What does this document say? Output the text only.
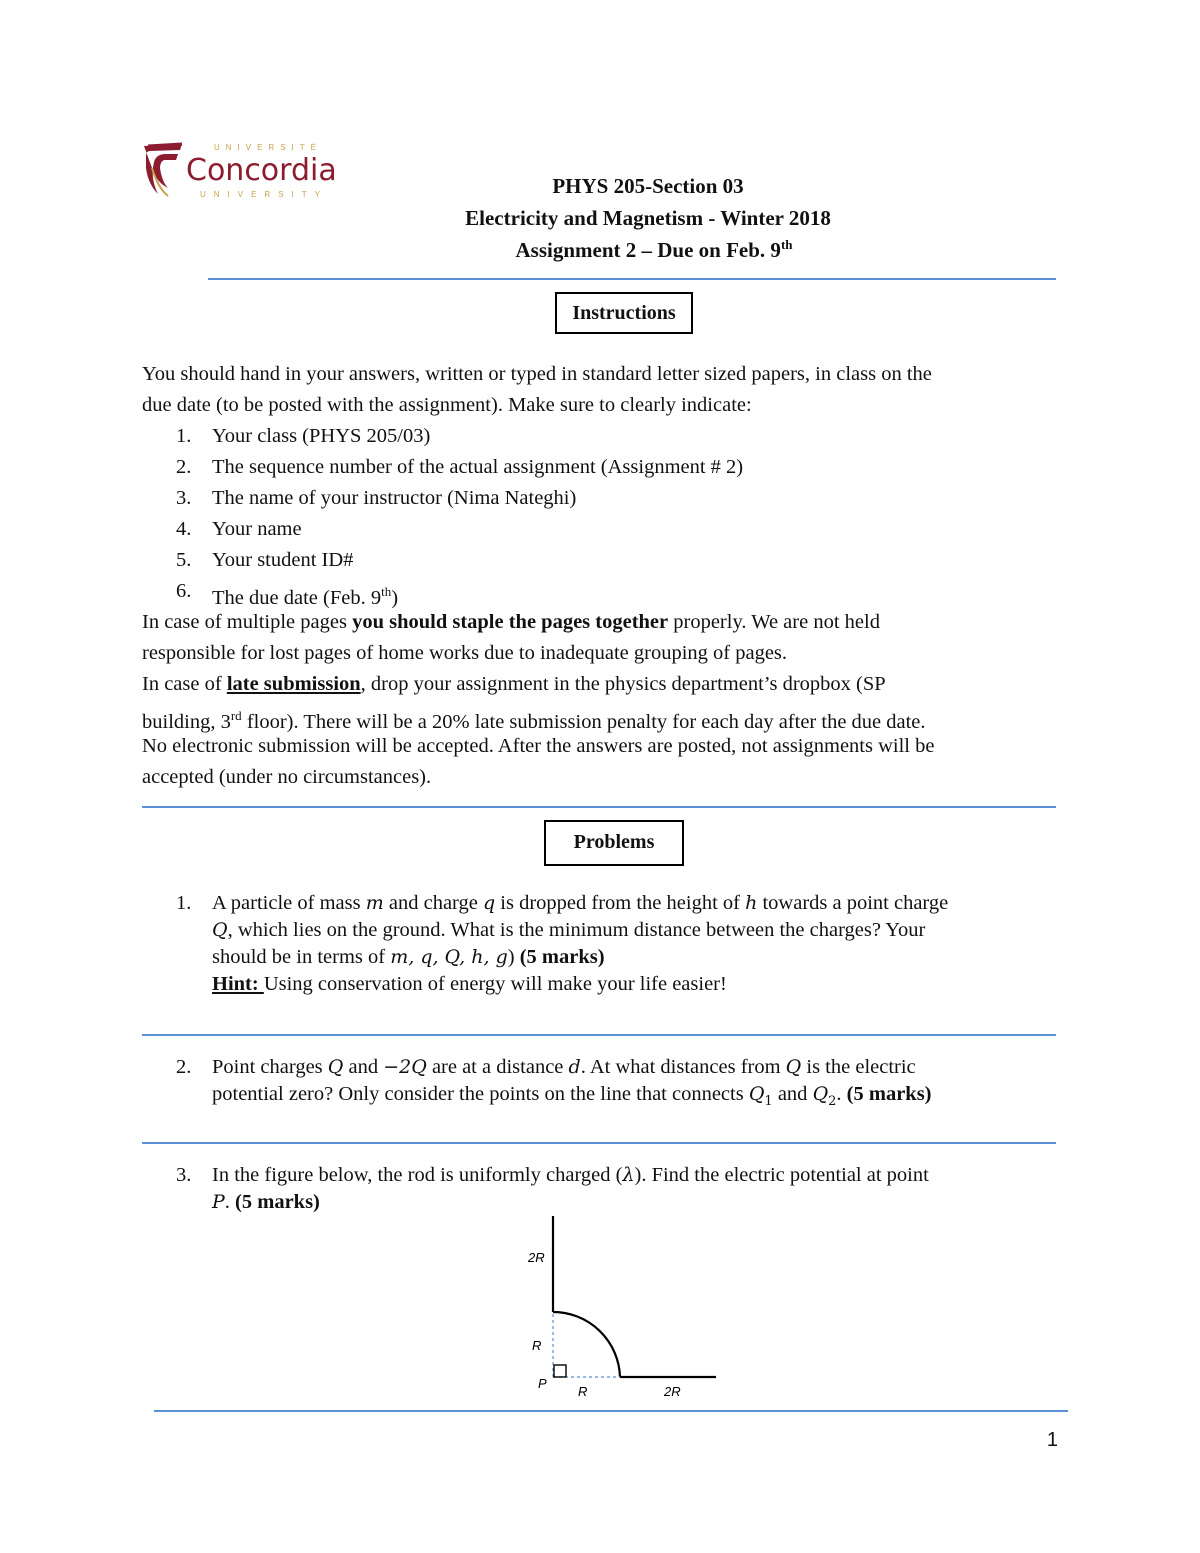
UNIVERSITÉ
Concordia
UNIVERSITY	PHYS 205-Section 03
Electricity and Magnetism - Winter 2018
Assignment 2 – Due on Feb. 9th
Instructions
You should hand in your answers, written or typed in standard letter sized papers, in class on the
due date (to be posted with the assignment). Make sure to clearly indicate:
1.	Your class (PHYS 205/03)
2.	The sequence number of the actual assignment (Assignment # 2)
3.	The name of your instructor (Nima Nateghi)
4.	Your name
5.	Your student ID#
6.	The due date (Feb. 9th)
In case of multiple pages you should staple the pages together properly. We are not held
responsible for lost pages of home works due to inadequate grouping of pages.
In case of late submission, drop your assignment in the physics department’s dropbox (SP
building, 3rd floor). There will be a 20% late submission penalty for each day after the due date.
No electronic submission will be accepted. After the answers are posted, not assignments will be
accepted (under no circumstances).
Problems
1. A particle of mass m and charge q is dropped from the height of h towards a point charge
Q, which lies on the ground. What is the minimum distance between the charges? Your
should be in terms of m, q, Q, h, g) (5 marks)
Hint: Using conservation of energy will make your life easier!
2. Point charges Q and −2Q are at a distance d. At what distances from Q is the electric
potential zero? Only consider the points on the line that connects $Q_1$ and $Q_2$. (5 marks)
3. In the figure below, the rod is uniformly charged (λ). Find the electric potential at point
P. (5 marks)
2R
R
P
R	2R
1
